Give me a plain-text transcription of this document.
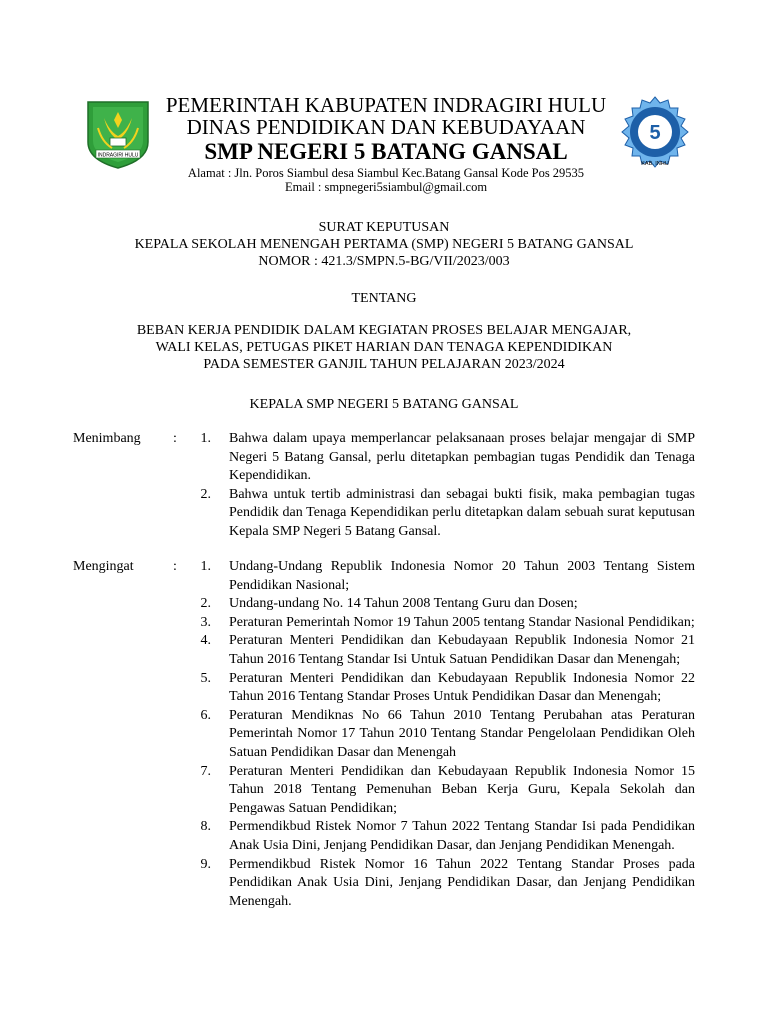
INDRAGIRI HULU
5
KAB. INHU
PEMERINTAH KABUPATEN INDRAGIRI HULU
DINAS PENDIDIKAN DAN KEBUDAYAAN
SMP NEGERI 5 BATANG GANSAL
Alamat : Jln. Poros Siambul desa Siambul Kec.Batang Gansal Kode Pos 29535
Email : smpnegeri5siambul@gmail.com
SURAT KEPUTUSAN
KEPALA SEKOLAH MENENGAH PERTAMA (SMP) NEGERI 5 BATANG GANSAL
NOMOR : 421.3/SMPN.5-BG/VII/2023/003
TENTANG
BEBAN KERJA PENDIDIK DALAM KEGIATAN PROSES BELAJAR MENGAJAR,
WALI KELAS, PETUGAS PIKET HARIAN DAN TENAGA KEPENDIDIKAN
PADA SEMESTER GANJIL TAHUN PELAJARAN 2023/2024
KEPALA SMP NEGERI 5 BATANG GANSAL
Menimbang : 1. Bahwa dalam upaya memperlancar pelaksanaan proses belajar mengajar di SMP Negeri 5 Batang Gansal, perlu ditetapkan pembagian tugas Pendidik dan Tenaga Kependidikan.
2. Bahwa untuk tertib administrasi dan sebagai bukti fisik, maka pembagian tugas Pendidik dan Tenaga Kependidikan perlu ditetapkan dalam sebuah surat keputusan Kepala SMP Negeri 5 Batang Gansal.
Mengingat	: 1. Undang-Undang Republik Indonesia Nomor 20 Tahun 2003 Tentang Sistem Pendidikan Nasional;
2. Undang-undang No. 14 Tahun 2008 Tentang Guru dan Dosen;
3. Peraturan Pemerintah Nomor 19 Tahun 2005 tentang Standar Nasional Pendidikan;
4. Peraturan Menteri Pendidikan dan Kebudayaan Republik Indonesia Nomor 21 Tahun 2016 Tentang Standar Isi Untuk Satuan Pendidikan Dasar dan Menengah;
5. Peraturan Menteri Pendidikan dan Kebudayaan Republik Indonesia Nomor 22 Tahun 2016 Tentang Standar Proses Untuk Pendidikan Dasar dan Menengah;
6. Peraturan Mendiknas No 66 Tahun 2010 Tentang Perubahan atas Peraturan Pemerintah Nomor 17 Tahun 2010 Tentang Standar Pengelolaan Pendidikan Oleh Satuan Pendidikan Dasar dan Menengah
7. Peraturan Menteri Pendidikan dan Kebudayaan Republik Indonesia Nomor 15 Tahun 2018 Tentang Pemenuhan Beban Kerja Guru, Kepala Sekolah dan Pengawas Satuan Pendidikan;
8. Permendikbud Ristek Nomor 7 Tahun 2022 Tentang Standar Isi pada Pendidikan Anak Usia Dini, Jenjang Pendidikan Dasar, dan Jenjang Pendidikan Menengah.
9. Permendikbud Ristek Nomor 16 Tahun 2022 Tentang Standar Proses pada Pendidikan Anak Usia Dini, Jenjang Pendidikan Dasar, dan Jenjang Pendidikan Menengah.
